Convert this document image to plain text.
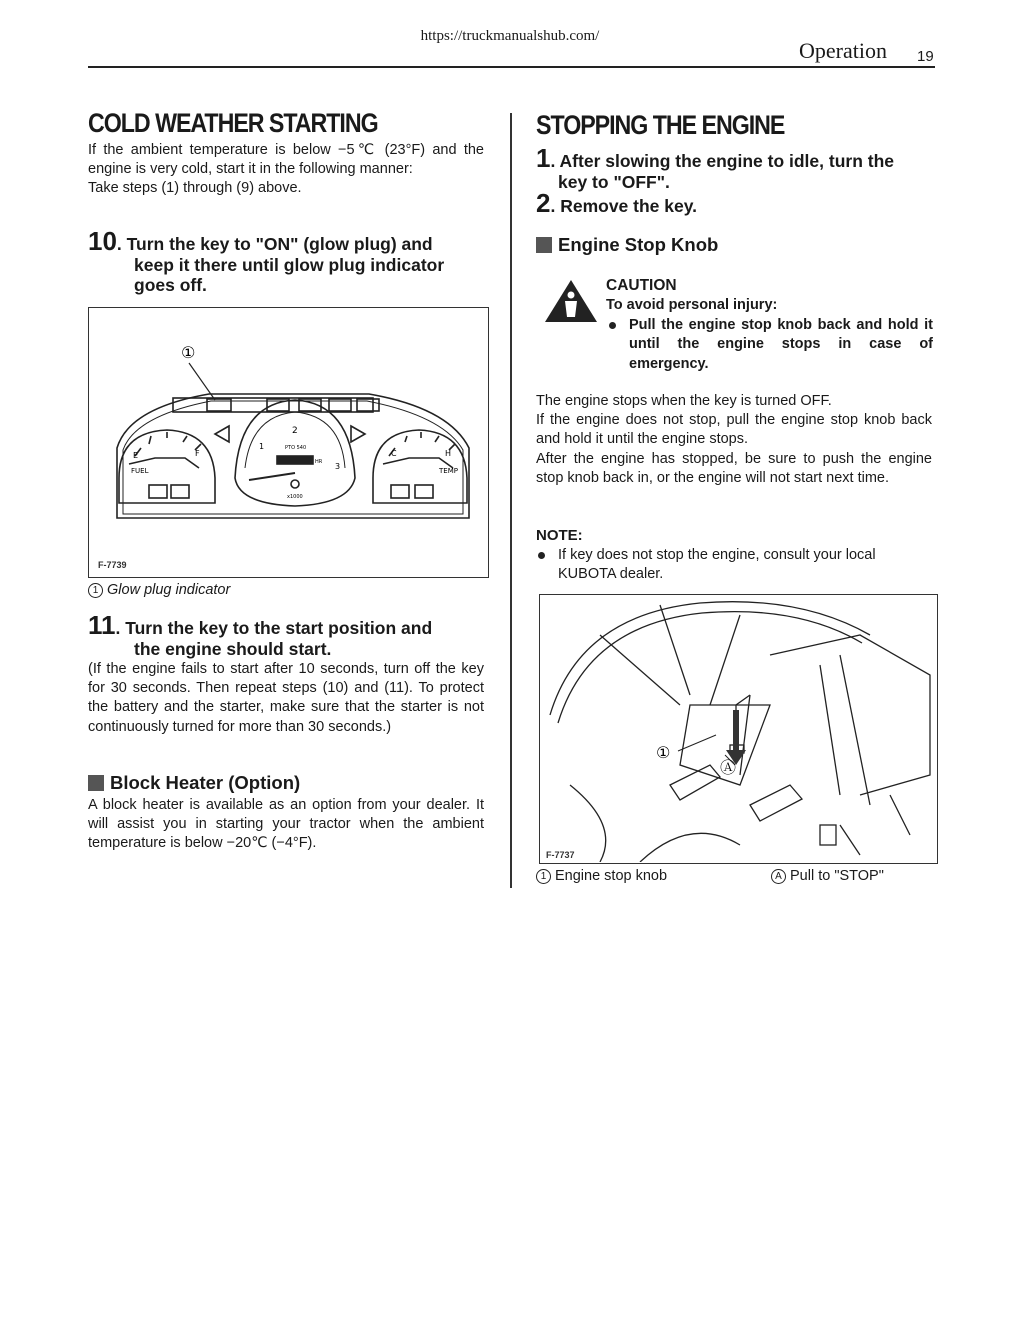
https://truckmanualshub.com/
Operation 19
COLD WEATHER STARTING
If the ambient temperature is below −5℃ (23°F) and the engine is very cold, start it in the following manner:
Take steps (1) through (9) above.
10. Turn the key to "ON" (glow plug) and
keep it there until glow plug indicator
goes off.
①
FUEL
E	F
TEMP
C	H
2
1
3
PTO 540
HR
x1000
F-7739
1 Glow plug indicator
11. Turn the key to the start position and
the engine should start.
(If the engine fails to start after 10 seconds, turn off the key for 30 seconds. Then repeat steps (10) and (11). To protect the battery and the starter, make sure that the starter is not continuously turned for more than 30 seconds.)
Block Heater (Option)
A block heater is available as an option from your dealer. It will assist you in starting your tractor when the ambient temperature is below −20℃ (−4°F).
STOPPING THE ENGINE
1. After slowing the engine to idle, turn the
key to "OFF".
2. Remove the key.
Engine Stop Knob
CAUTION
To avoid personal injury:
Pull the engine stop knob back and hold it until the engine stops in case of emergency.
The engine stops when the key is turned OFF.
If the engine does not stop, pull the engine stop knob back and hold it until the engine stops.
After the engine has stopped, be sure to push the engine stop knob back in, or the engine will not start next time.
NOTE:
If key does not stop the engine, consult your local KUBOTA dealer.
①
Ⓐ
F-7737
1 Engine stop knob	A Pull to "STOP"
